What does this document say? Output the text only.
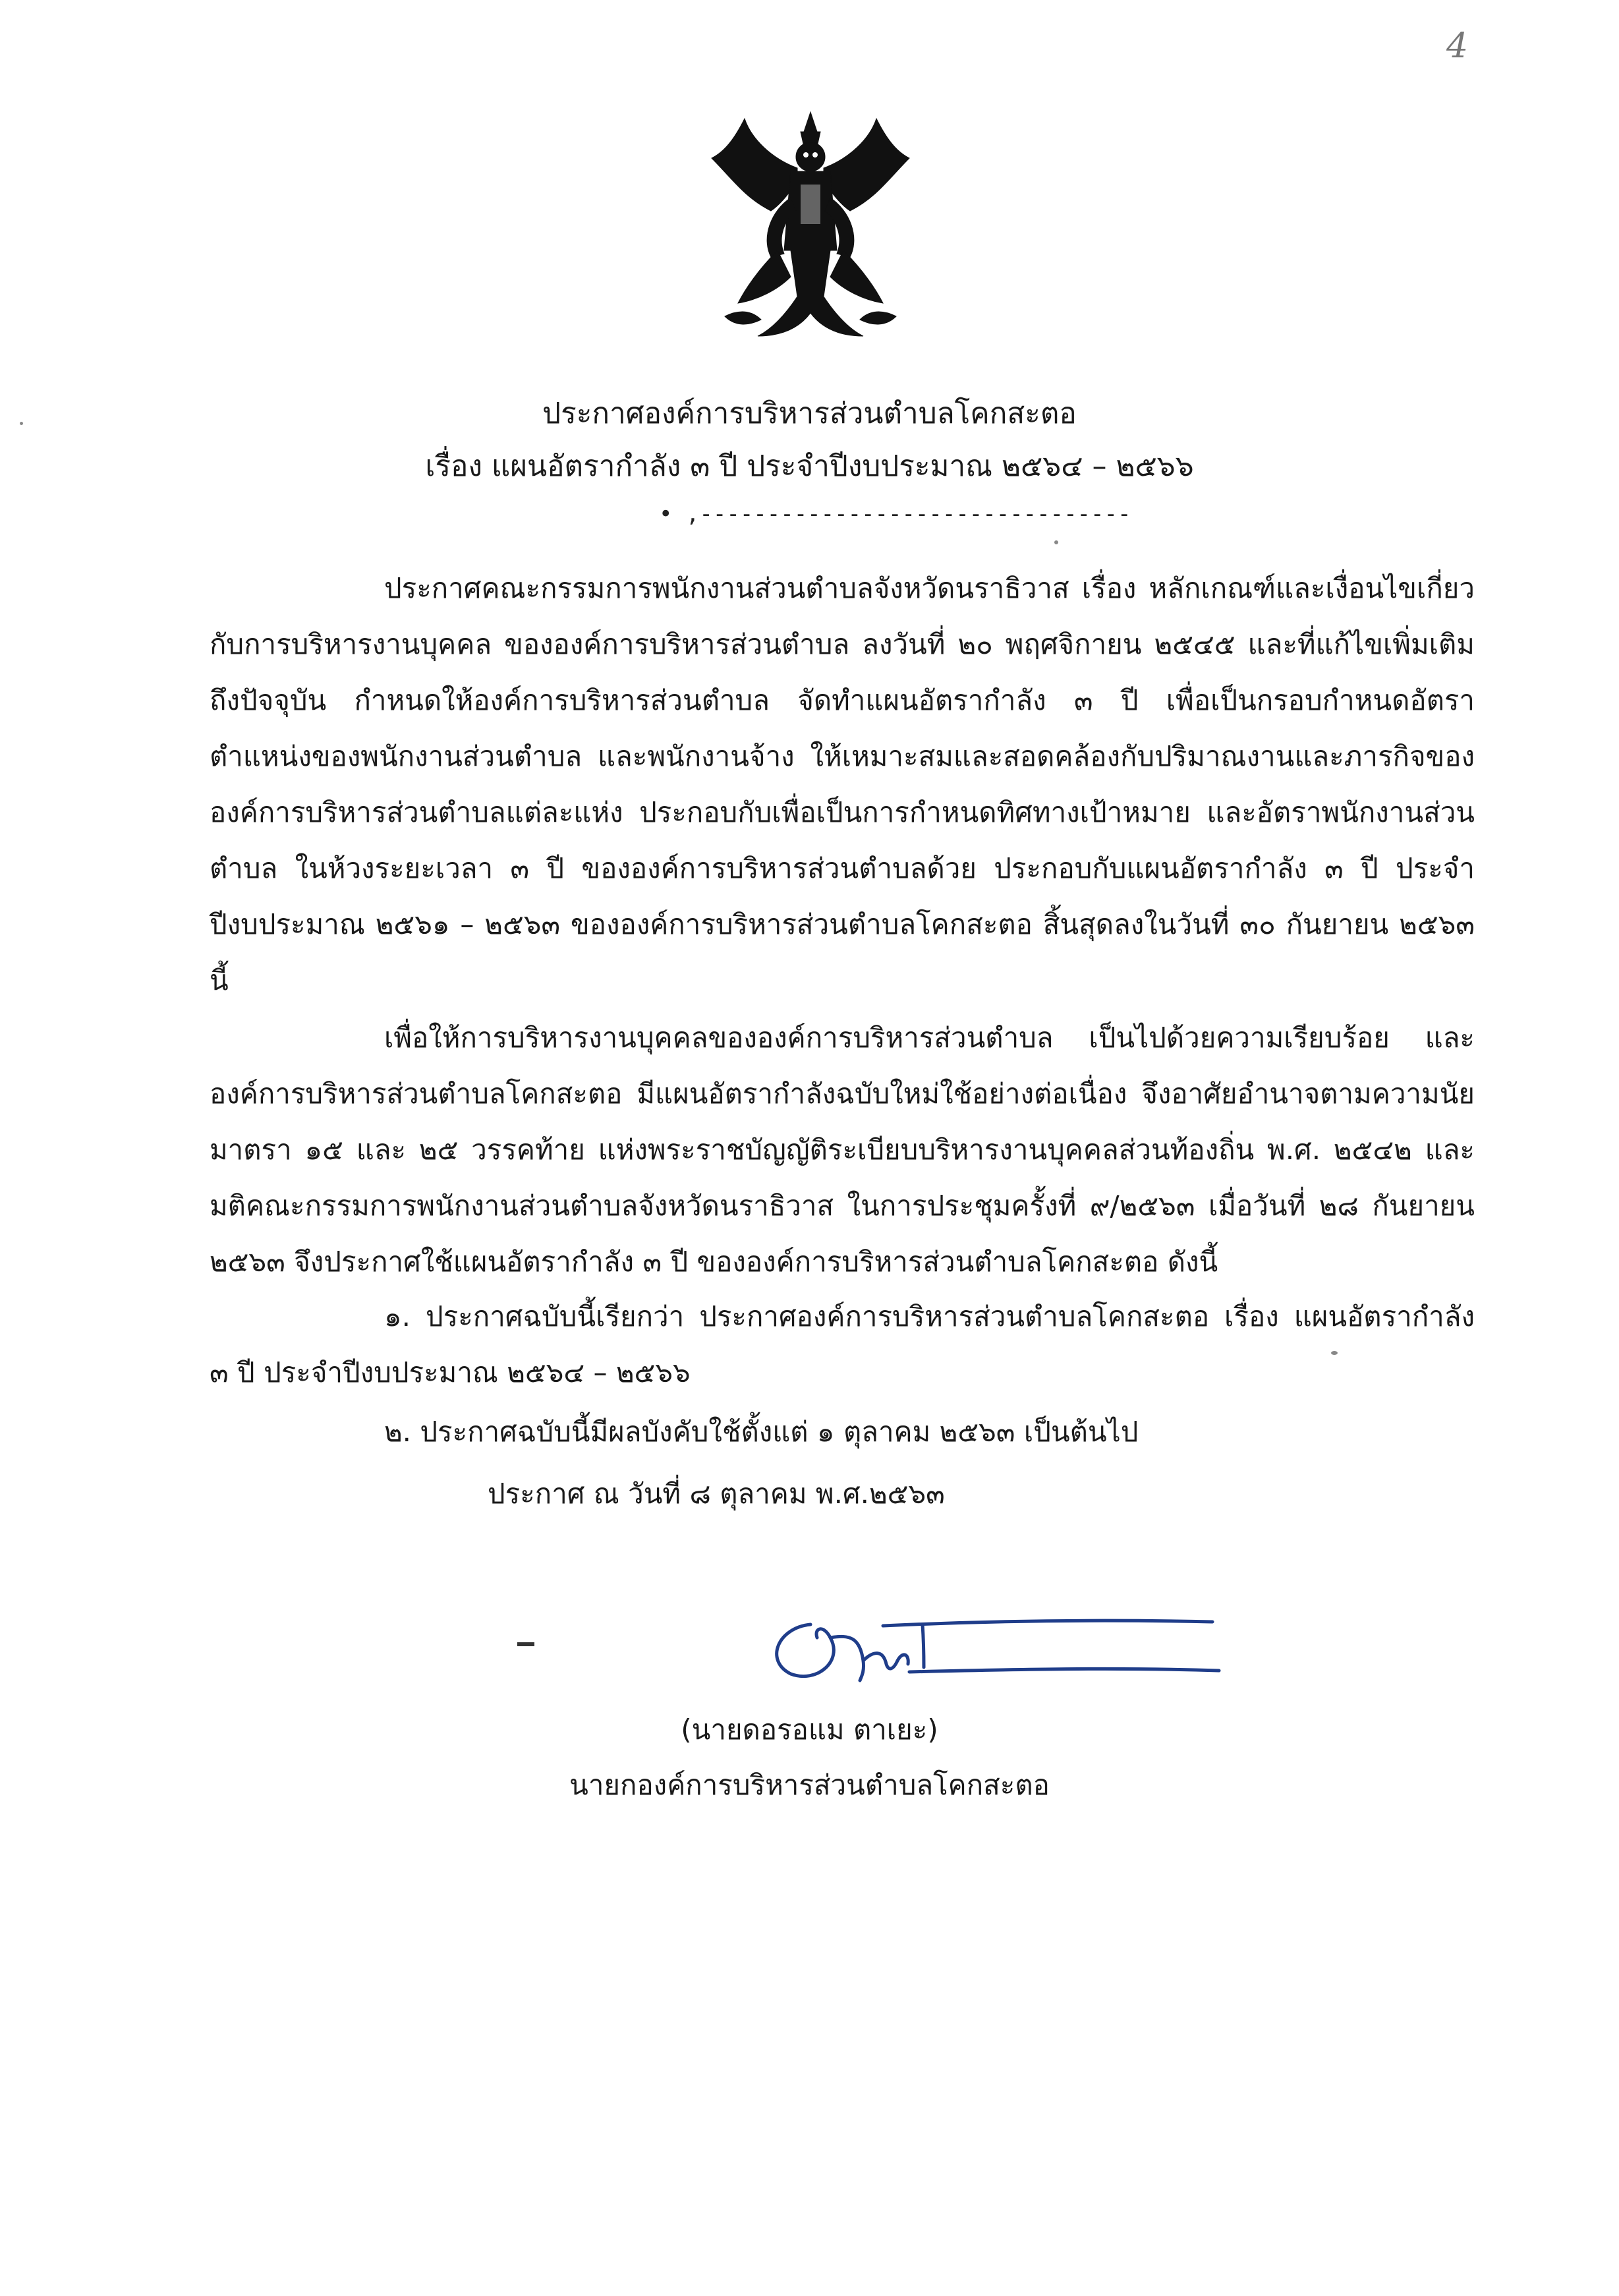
4
ประกาศองค์การบริหารส่วนตำบลโคกสะตอ
เรื่อง แผนอัตรากำลัง ๓ ปี ประจำปีงบประมาณ ๒๕๖๔ – ๒๕๖๖
• ,--------------------------------
ประกาศคณะกรรมการพนักงานส่วนตำบลจังหวัดนราธิวาส เรื่อง หลักเกณฑ์และเงื่อนไขเกี่ยวกับการบริหารงานบุคคล ขององค์การบริหารส่วนตำบล ลงวันที่ ๒๐ พฤศจิกายน ๒๕๔๕ และที่แก้ไขเพิ่มเติมถึงปัจจุบัน กำหนดให้องค์การบริหารส่วนตำบล จัดทำแผนอัตรากำลัง ๓ ปี เพื่อเป็นกรอบกำหนดอัตราตำแหน่งของพนักงานส่วนตำบล และพนักงานจ้าง ให้เหมาะสมและสอดคล้องกับปริมาณงานและภารกิจขององค์การบริหารส่วนตำบลแต่ละแห่ง ประกอบกับเพื่อเป็นการกำหนดทิศทางเป้าหมาย และอัตราพนักงานส่วนตำบล ในห้วงระยะเวลา ๓ ปี ขององค์การบริหารส่วนตำบลด้วย ประกอบกับแผนอัตรากำลัง ๓ ปี ประจำปีงบประมาณ ๒๕๖๑ – ๒๕๖๓ ขององค์การบริหารส่วนตำบลโคกสะตอ สิ้นสุดลงในวันที่ ๓๐ กันยายน ๒๕๖๓ นี้
เพื่อให้การบริหารงานบุคคลขององค์การบริหารส่วนตำบล เป็นไปด้วยความเรียบร้อย และองค์การบริหารส่วนตำบลโคกสะตอ มีแผนอัตรากำลังฉบับใหม่ใช้อย่างต่อเนื่อง จึงอาศัยอำนาจตามความนัยมาตรา ๑๕ และ ๒๕ วรรคท้าย แห่งพระราชบัญญัติระเบียบบริหารงานบุคคลส่วนท้องถิ่น พ.ศ. ๒๕๔๒ และมติคณะกรรมการพนักงานส่วนตำบลจังหวัดนราธิวาส ในการประชุมครั้งที่ ๙/๒๕๖๓ เมื่อวันที่ ๒๘ กันยายน ๒๕๖๓ จึงประกาศใช้แผนอัตรากำลัง ๓ ปี ขององค์การบริหารส่วนตำบลโคกสะตอ ดังนี้
๑. ประกาศฉบับนี้เรียกว่า ประกาศองค์การบริหารส่วนตำบลโคกสะตอ เรื่อง แผนอัตรากำลัง ๓ ปี ประจำปีงบประมาณ ๒๕๖๔ – ๒๕๖๖
๒. ประกาศฉบับนี้มีผลบังคับใช้ตั้งแต่ ๑ ตุลาคม ๒๕๖๓ เป็นต้นไป
ประกาศ ณ วันที่ ๘ ตุลาคม พ.ศ.๒๕๖๓
(นายดอรอแม ตาเยะ)
นายกองค์การบริหารส่วนตำบลโคกสะตอ
